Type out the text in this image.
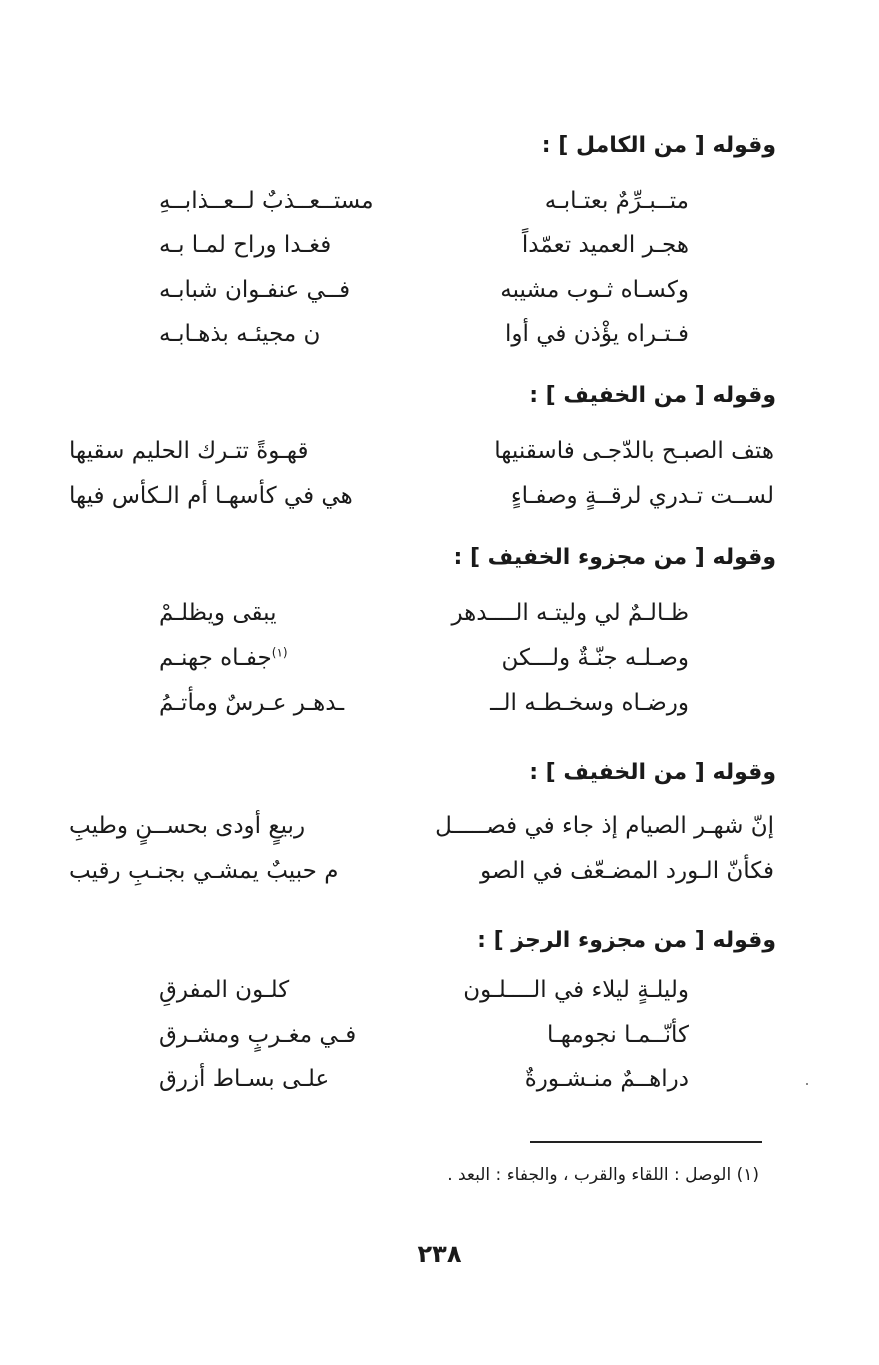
وقوله [ من الكامل ] :
متــبـرِّمٌ بعتـابـه
مستــعــذبٌ لــعــذابــهِ
هجـر العميد تعمّداً
فغـدا وراح لمـا بـه
وكسـاه ثـوب مشيبه
فــي عنفـوان شبابـه
فـتـراه يؤْذن في أوا
ن مجيئـه بذهـابـه
وقوله [ من الخفيف ] :
هتف الصبـح بالدّجـى فاسقنيها
قهـوةً تتـرك الحليم سقيها
لســت تـدري لرقــةٍ وصفـاءٍ
هي في كأسهـا أم الـكأس فيها
وقوله [ من مجزوء الخفيف ] :
ظـالـمٌ لي وليتـه الــــدهر
يبقى ويظلـمْ
وصـلـه جنّـةٌ ولـــكن
$^{(١)}$جفـاه جهنـم
ورضـاه وسخـطـه الــ
ـدهـر عـرسٌ ومأتـمُ
وقوله [ من الخفيف ] :
إنّ شهـر الصيام إذ جاء في فصـــــل
ربيعٍ أودى بحســنٍ وطيبِ
فكأنّ الـورد المضـعّف في الصو
م حبيبٌ يمشـي بجنـبِ رقيب
وقوله [ من مجزوء الرجز ] :
وليلـةٍ ليلاء في الــــلـون
كلـون المفرقِ
كأنّــمـا نجومهـا
فـي مغـربٍ ومشـرق
دراهــمٌ منـشـورةٌ
علـى بسـاط أزرق
(١) الوصل : اللقاء والقرب ، والجفاء : البعد .
٢٣٨
